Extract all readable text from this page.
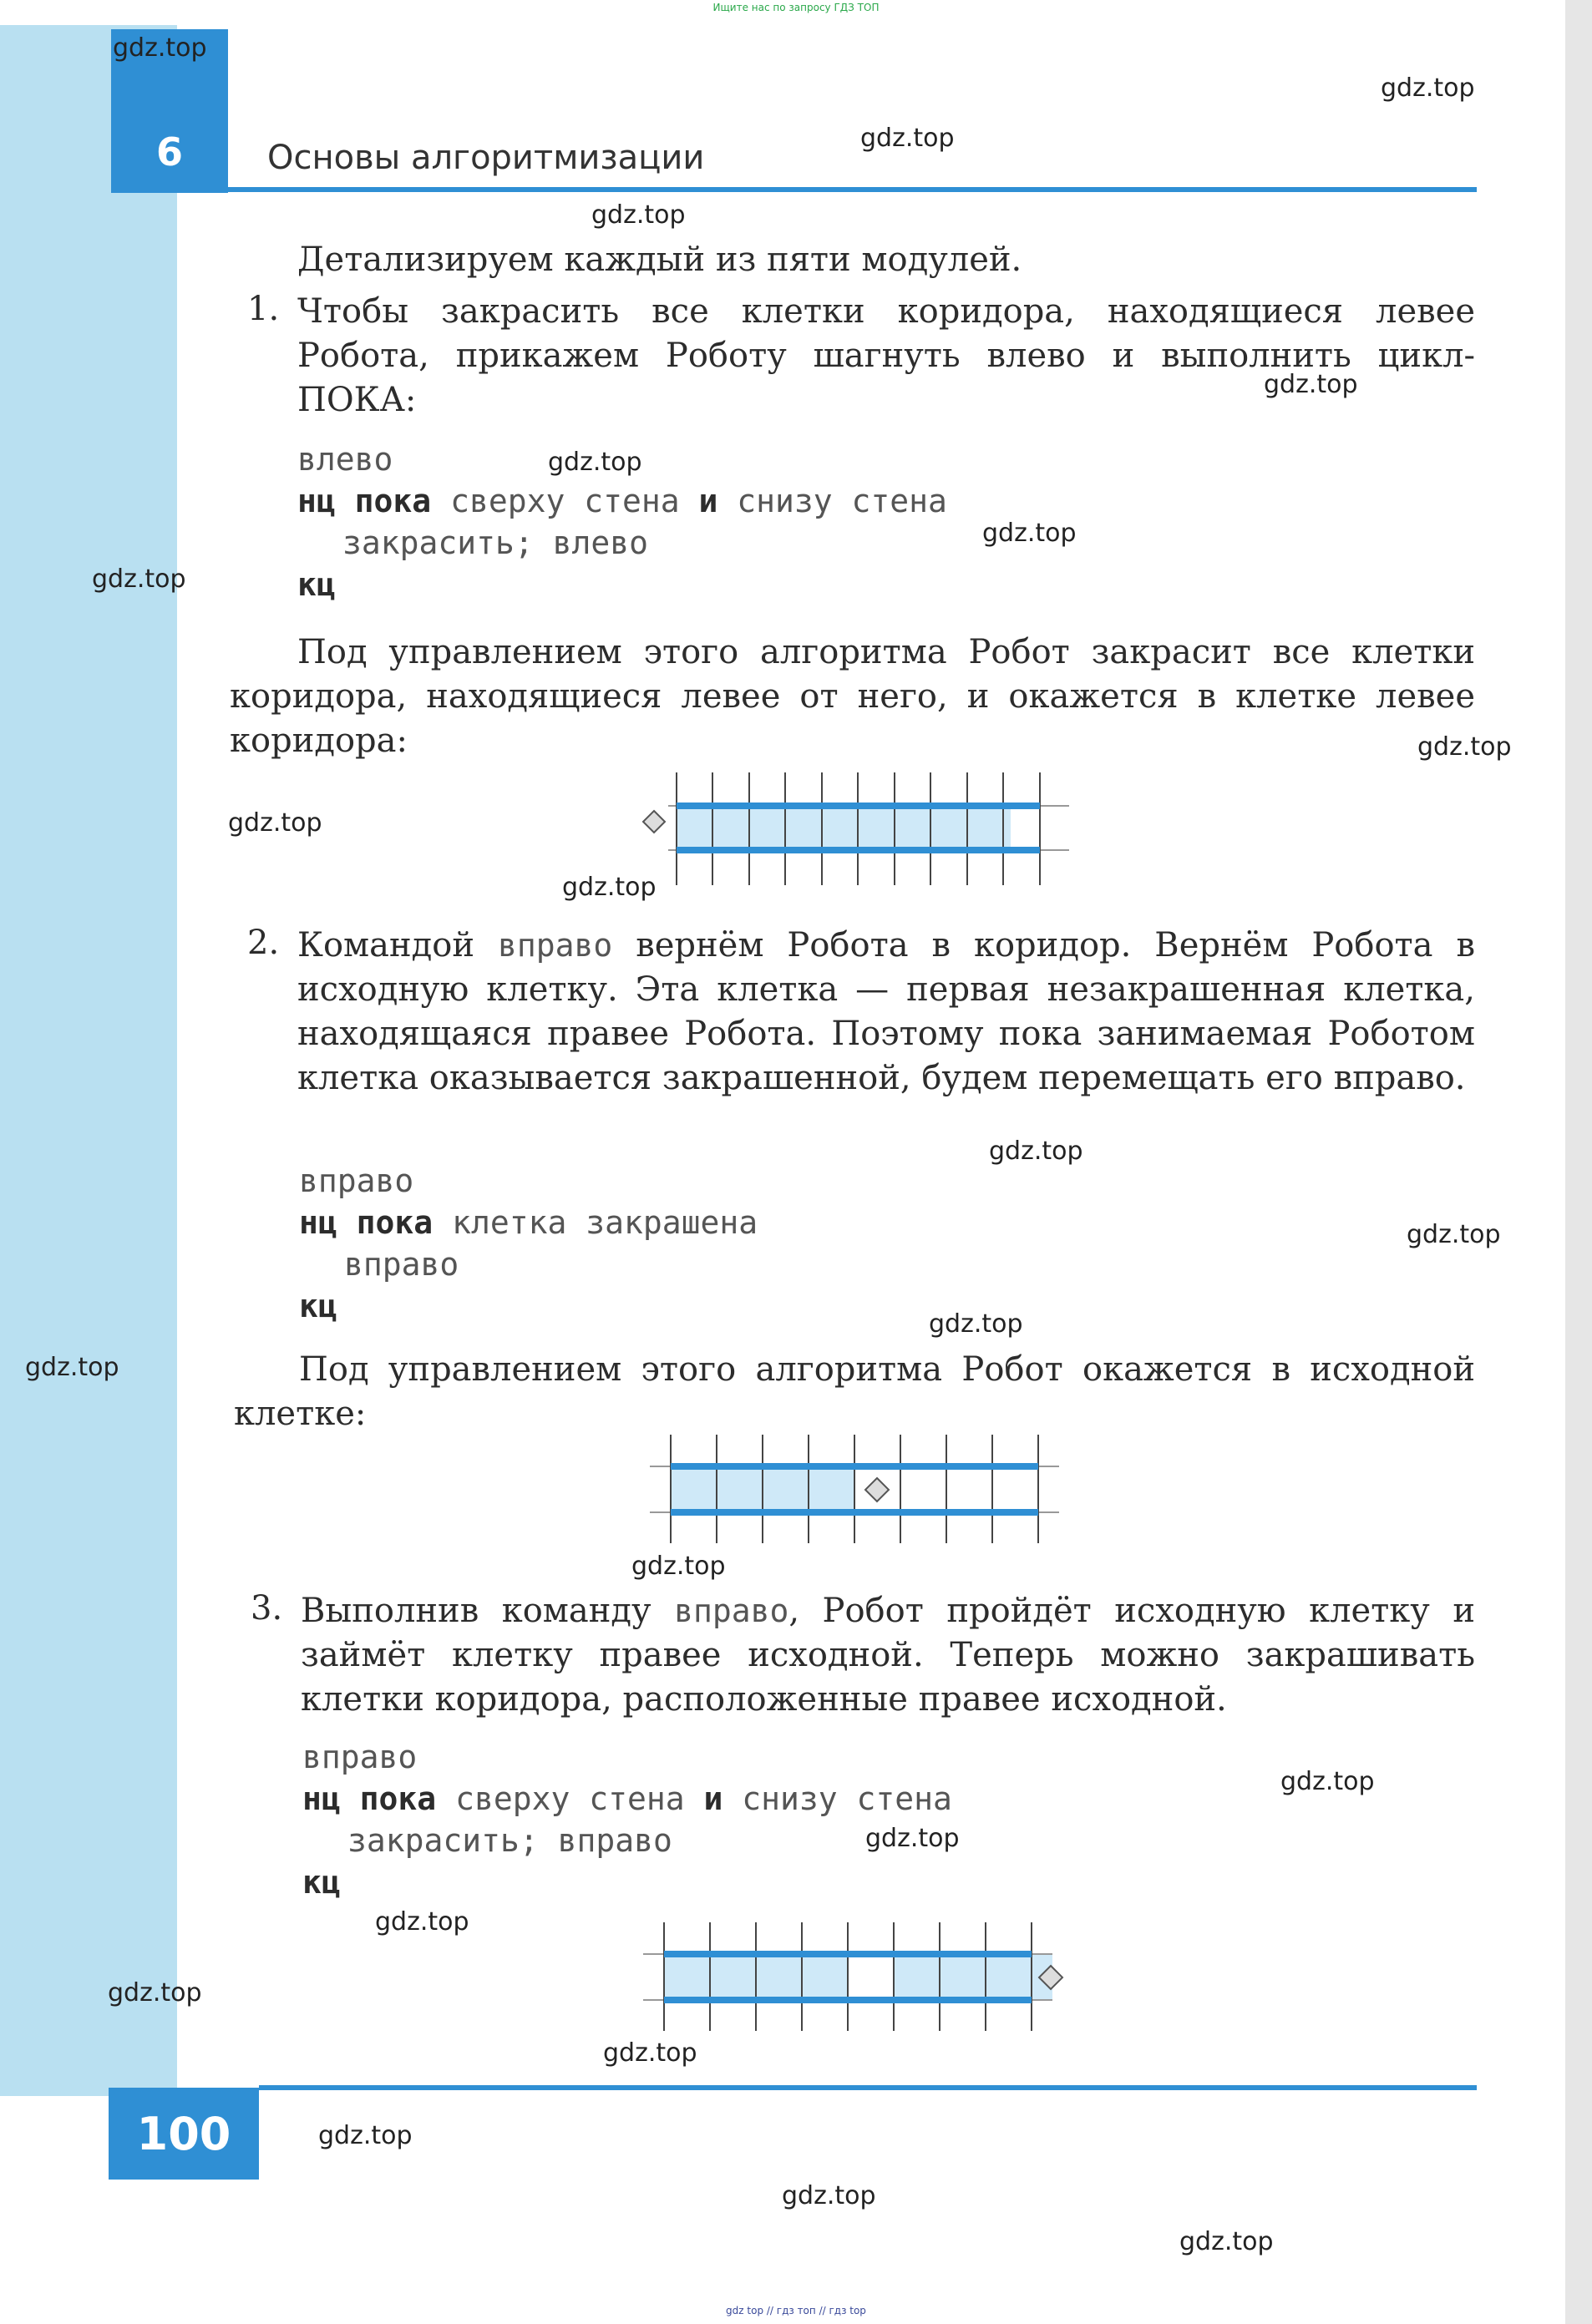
Ищите нас по запросу ГДЗ ТОП
6	Основы алгоритмизации
Детализируем каждый из пяти модулей.
1. Чтобы закрасить все клетки коридора, находящиеся левее Робота, прикажем Роботу шагнуть влево и выполнить цикл-ПОКА:
влево
нц пока сверху стена и снизу стена
закрасить; влево
кц
Под управлением этого алгоритма Робот закрасит все клетки коридора, находящиеся левее от него, и окажется в клетке левее коридора:
2. Командой вправо вернём Робота в коридор. Вернём Робота в исходную клетку. Эта клетка — первая незакрашенная клетка, находящаяся правее Робота. Поэтому пока занимаемая Роботом клетка оказывается закрашенной, будем перемещать его вправо.
вправо
нц пока клетка закрашена
вправо
кц
Под управлением этого алгоритма Робот окажется в исходной клетке:
3. Выполнив команду вправо, Робот пройдёт исходную клетку и займёт клетку правее исходной. Теперь можно закрашивать клетки коридора, расположенные правее исходной.
вправо
нц пока сверху стена и снизу стена
закрасить; вправо
кц
100
gdz top // гдз топ // гдз top
gdz.top
gdz.top
gdz.top
gdz.top
gdz.top
gdz.top
gdz.top
gdz.top
gdz.top
gdz.top
gdz.top
gdz.top
gdz.top
gdz.top
gdz.top
gdz.top
gdz.top
gdz.top
gdz.top
gdz.top
gdz.top
gdz.top
gdz.top
gdz.top
